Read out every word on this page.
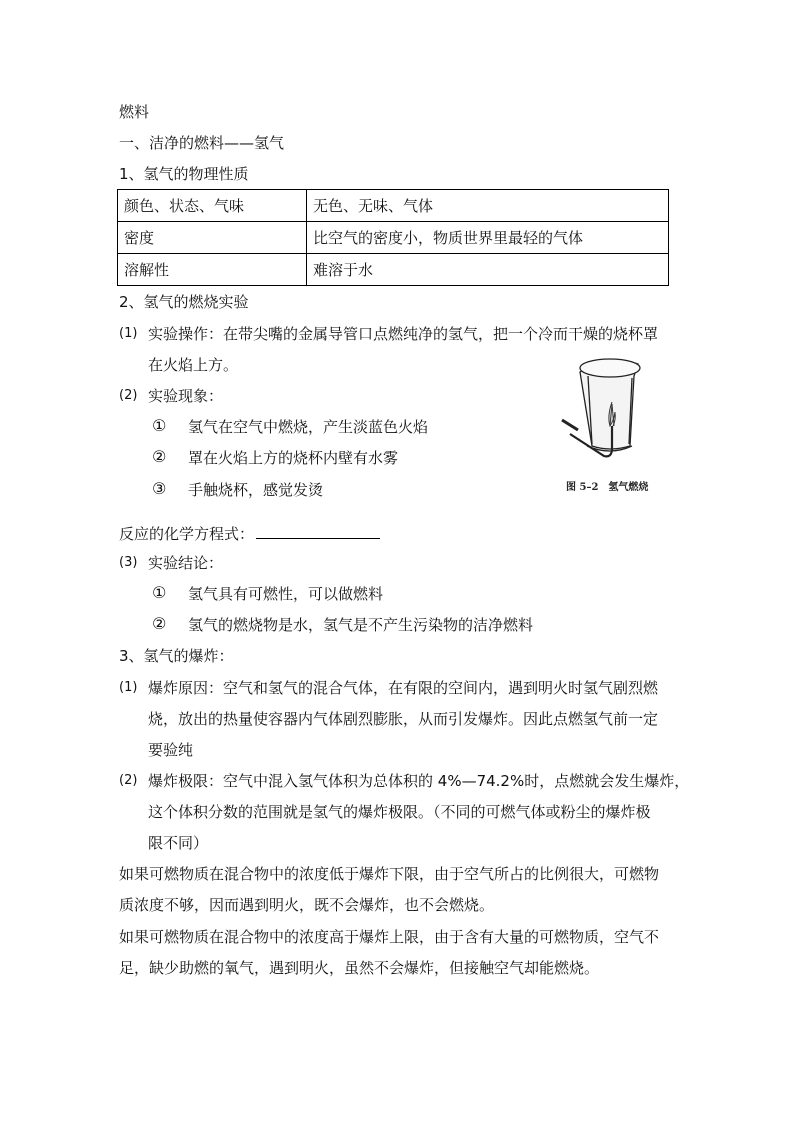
燃料
一、洁净的燃料——氢气
1、氢气的物理性质
颜色、状态、气味	无色、无味、气体
密度	比空气的密度小，物质世界里最轻的气体
溶解性	难溶于水
2、氢气的燃烧实验
(1) 实验操作：在带尖嘴的金属导管口点燃纯净的氢气，把一个冷而干燥的烧杯罩
在火焰上方。
(2) 实验现象：
① 氢气在空气中燃烧，产生淡蓝色火焰
② 罩在火焰上方的烧杯内壁有水雾
③ 手触烧杯，感觉发烫	图 5–2　氢气燃烧
反应的化学方程式：
(3) 实验结论：
① 氢气具有可燃性，可以做燃料
② 氢气的燃烧物是水，氢气是不产生污染物的洁净燃料
3、氢气的爆炸：
(1) 爆炸原因：空气和氢气的混合气体，在有限的空间内，遇到明火时氢气剧烈燃
烧，放出的热量使容器内气体剧烈膨胀，从而引发爆炸。因此点燃氢气前一定
要验纯
(2) 爆炸极限：空气中混入氢气体积为总体积的 4%—74.2%时，点燃就会发生爆炸，
这个体积分数的范围就是氢气的爆炸极限。（不同的可燃气体或粉尘的爆炸极
限不同）
如果可燃物质在混合物中的浓度低于爆炸下限，由于空气所占的比例很大，可燃物
质浓度不够，因而遇到明火，既不会爆炸，也不会燃烧。
如果可燃物质在混合物中的浓度高于爆炸上限，由于含有大量的可燃物质，空气不
足，缺少助燃的氧气，遇到明火，虽然不会爆炸，但接触空气却能燃烧。
